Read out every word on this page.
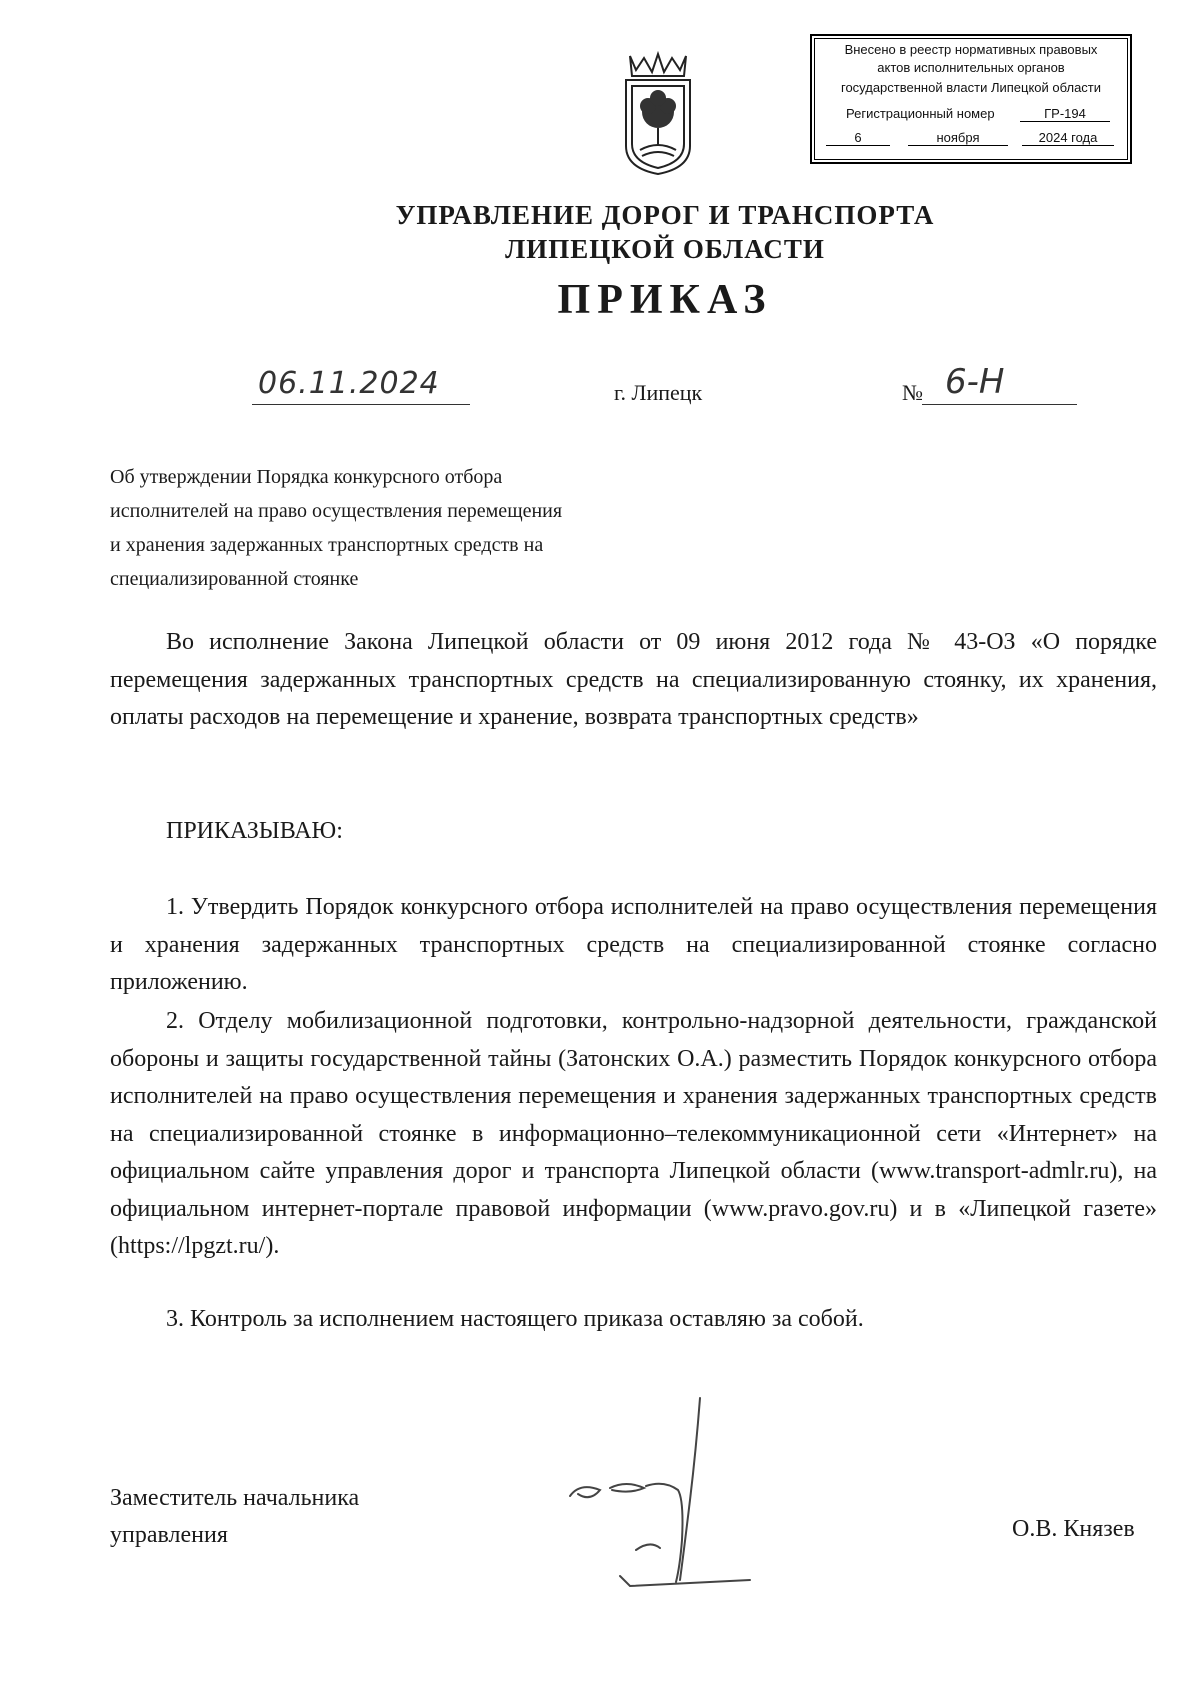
Внесено в реестр нормативных правовых
актов исполнительных органов
государственной власти Липецкой области
Регистрационный номер	ГР-194
6	ноября	2024 года
УПРАВЛЕНИЕ ДОРОГ И ТРАНСПОРТА
ЛИПЕЦКОЙ ОБЛАСТИ
ПРИКАЗ
06.11.2024	г. Липецк	№ 6-Н
Об утверждении Порядка конкурсного отбора
исполнителей на право осуществления перемещения
и хранения задержанных транспортных средств на
специализированной стоянке
Во исполнение Закона Липецкой области от 09 июня 2012 года № 43-ОЗ «О порядке перемещения задержанных транспортных средств на специализированную стоянку, их хранения, оплаты расходов на перемещение и хранение, возврата транспортных средств»
ПРИКАЗЫВАЮ:
1. Утвердить Порядок конкурсного отбора исполнителей на право осуществления перемещения и хранения задержанных транспортных средств на специализированной стоянке согласно приложению.
2. Отделу мобилизационной подготовки, контрольно-надзорной деятельности, гражданской обороны и защиты государственной тайны (Затонских О.А.) разместить Порядок конкурсного отбора исполнителей на право осуществления перемещения и хранения задержанных транспортных средств на специализированной стоянке в информационно–телекоммуникационной сети «Интернет» на официальном сайте управления дорог и транспорта Липецкой области (www.transport-admlr.ru), на официальном интернет-портале правовой информации (www.pravo.gov.ru) и в «Липецкой газете» (https://lpgzt.ru/).
3. Контроль за исполнением настоящего приказа оставляю за собой.
Заместитель начальника
управления	О.В. Князев
